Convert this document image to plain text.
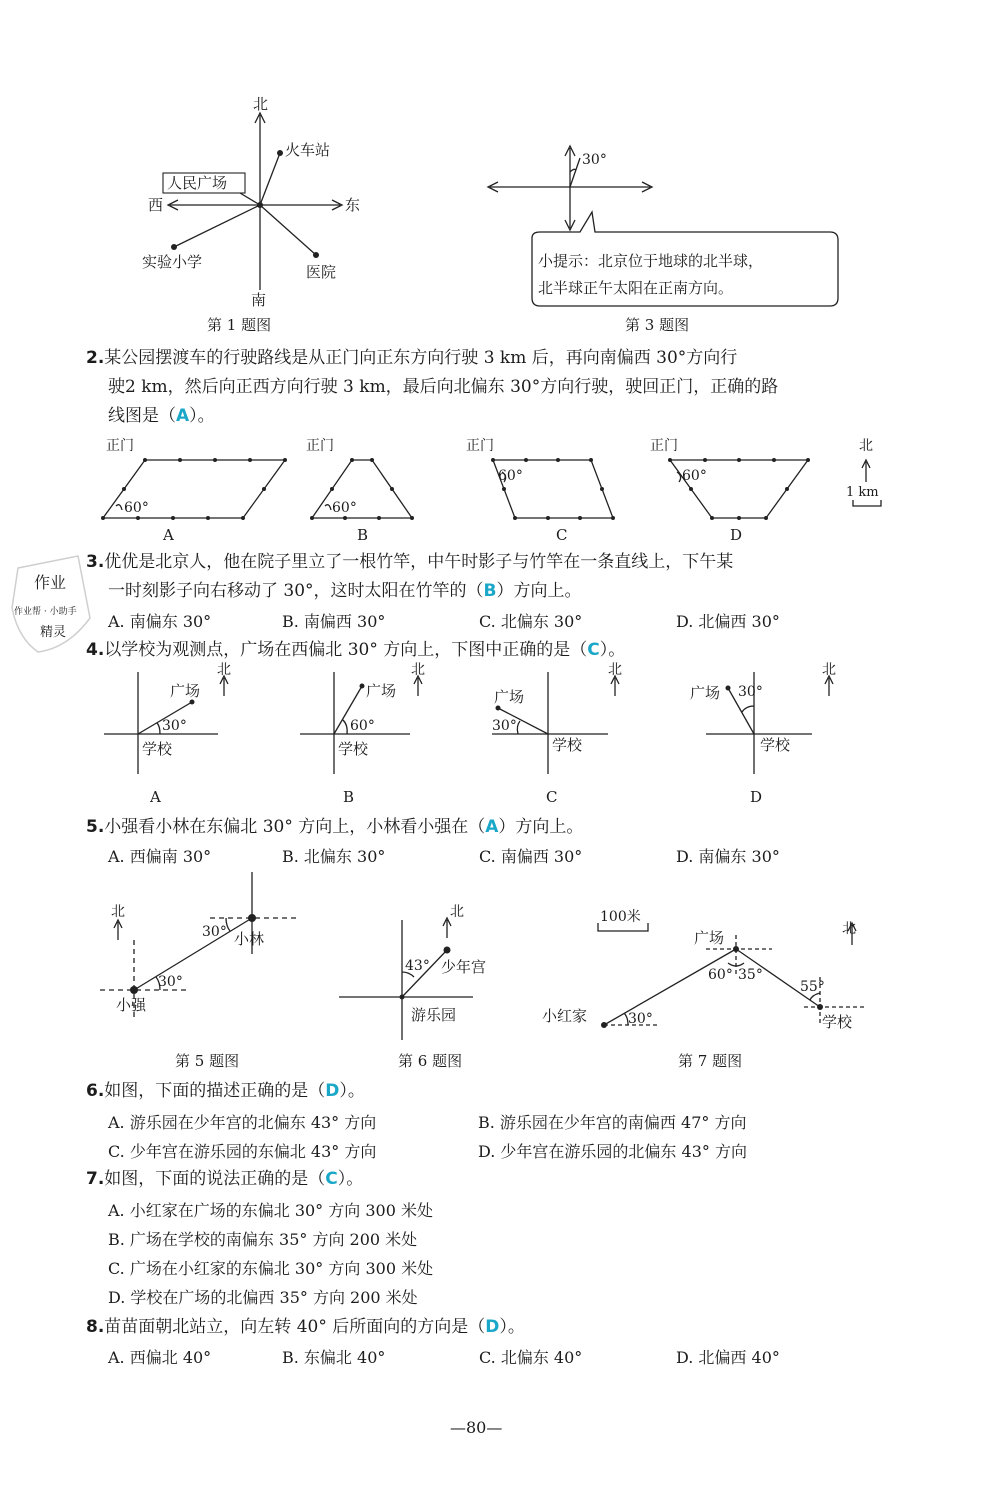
北
南
东
西
火车站
人民广场
实验小学
医院
第 1 题图
30°
小提示：北京位于地球的北半球，
北半球正午太阳在正南方向。
第 3 题图
2.某公园摆渡车的行驶路线是从正门向正东方向行驶 3 km 后，再向南偏西 30°方向行
驶2 km，然后向正西方向行驶 3 km，最后向北偏东 30°方向行驶，驶回正门，正确的路
线图是（A）。
正门	正门	正门	正门
60°	60°
60°	60°
北
1 km
A	B	C	D
3.优优是北京人，他在院子里立了一根竹竿，中午时影子与竹竿在一条直线上，下午某
一时刻影子向右移动了 30°，这时太阳在竹竿的（B）方向上。
A. 南偏东 30°	B. 南偏西 30°	C. 北偏东 30°	D. 北偏西 30°
4.以学校为观测点，广场在西偏北 30° 方向上，下图中正确的是（C）。
广场
30°
学校
北
广场
60°
学校
北
广场
30°
学校
北
广场 30°
学校
北
A	B	C	D
5.小强看小林在东偏北 30° 方向上，小林看小强在（A）方向上。
A. 西偏南 30°	B. 北偏东 30°	C. 南偏西 30°	D. 南偏东 30°
北
小林
小强
30°
30°
第 5 题图
北
少年宫
游乐园
43°
第 6 题图
100米
广场	北
小红家	学校
60° 35°
55°
30°
第 7 题图
6.如图，下面的描述正确的是（D）。
A. 游乐园在少年宫的北偏东 43° 方向	B. 游乐园在少年宫的南偏西 47° 方向
C. 少年宫在游乐园的东偏北 43° 方向	D. 少年宫在游乐园的北偏东 43° 方向
7.如图，下面的说法正确的是（C）。
A. 小红家在广场的东偏北 30° 方向 300 米处
B. 广场在学校的南偏东 35° 方向 200 米处
C. 广场在小红家的东偏北 30° 方向 300 米处
D. 学校在广场的北偏西 35° 方向 200 米处
8.苗苗面朝北站立，向左转 40° 后所面向的方向是（D）。
A. 西偏北 40°	B. 东偏北 40°	C. 北偏东 40°	D. 北偏西 40°
作业
作业帮 · 小助手
精灵
—80—
